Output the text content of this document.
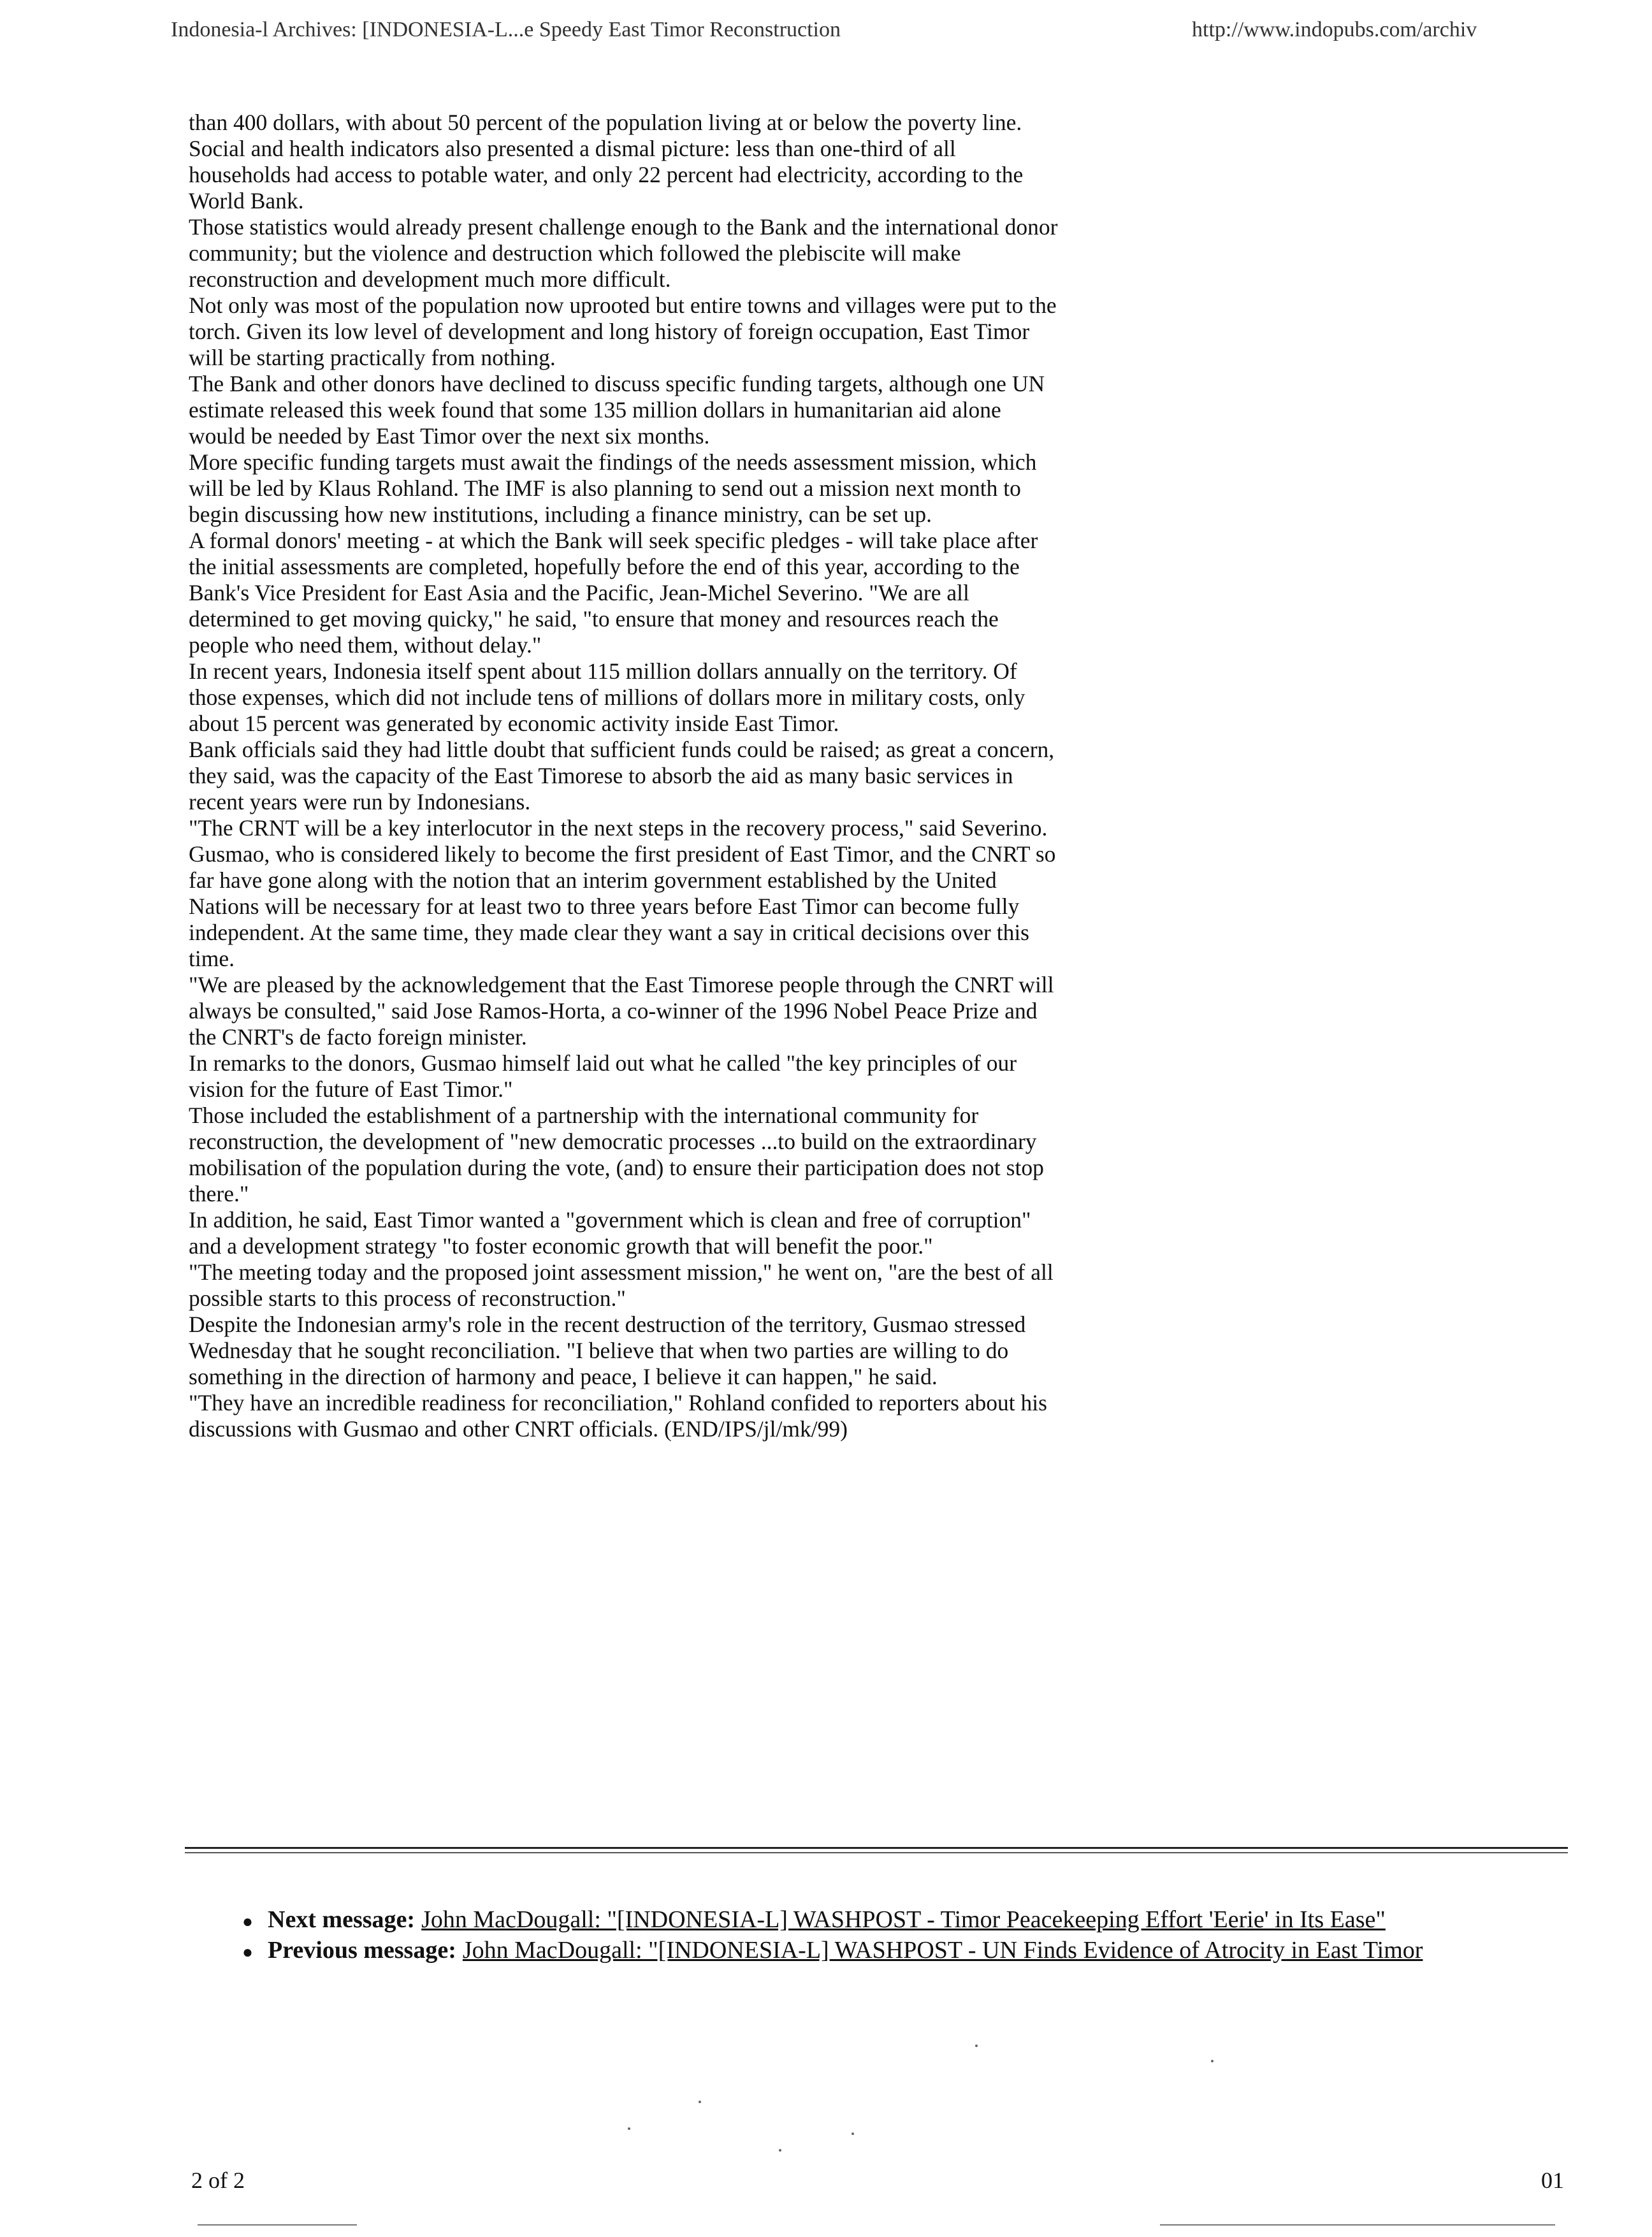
Indonesia-l Archives: [INDONESIA-L...e Speedy East Timor Reconstruction	http://www.indopubs.com/archiv

than 400 dollars, with about 50 percent of the population living at or below the poverty line.

Social and health indicators also presented a dismal picture: less than one-third of all households had access to potable water, and only 22 percent had electricity, according to the World Bank.

Those statistics would already present challenge enough to the Bank and the international donor community; but the violence and destruction which followed the plebiscite will make reconstruction and development much more difficult.

Not only was most of the population now uprooted but entire towns and villages were put to the torch. Given its low level of development and long history of foreign occupation, East Timor will be starting practically from nothing.

The Bank and other donors have declined to discuss specific funding targets, although one UN estimate released this week found that some 135 million dollars in humanitarian aid alone would be needed by East Timor over the next six months.

More specific funding targets must await the findings of the needs assessment mission, which will be led by Klaus Rohland. The IMF is also planning to send out a mission next month to begin discussing how new institutions, including a finance ministry, can be set up.

A formal donors' meeting - at which the Bank will seek specific pledges - will take place after the initial assessments are completed, hopefully before the end of this year, according to the Bank's Vice President for East Asia and the Pacific, Jean-Michel Severino. "We are all determined to get moving quicky," he said, "to ensure that money and resources reach the people who need them, without delay."

In recent years, Indonesia itself spent about 115 million dollars annually on the territory. Of those expenses, which did not include tens of millions of dollars more in military costs, only about 15 percent was generated by economic activity inside East Timor.

Bank officials said they had little doubt that sufficient funds could be raised; as great a concern, they said, was the capacity of the East Timorese to absorb the aid as many basic services in recent years were run by Indonesians.

"The CRNT will be a key interlocutor in the next steps in the recovery process," said Severino.

Gusmao, who is considered likely to become the first president of East Timor, and the CNRT so far have gone along with the notion that an interim government established by the United Nations will be necessary for at least two to three years before East Timor can become fully independent. At the same time, they made clear they want a say in critical decisions over this time.

"We are pleased by the acknowledgement that the East Timorese people through the CNRT will always be consulted," said Jose Ramos-Horta, a co-winner of the 1996 Nobel Peace Prize and the CNRT's de facto foreign minister.

In remarks to the donors, Gusmao himself laid out what he called "the key principles of our vision for the future of East Timor."

Those included the establishment of a partnership with the international community for reconstruction, the development of "new democratic processes ...to build on the extraordinary mobilisation of the population during the vote, (and) to ensure their participation does not stop there."

In addition, he said, East Timor wanted a "government which is clean and free of corruption" and a development strategy "to foster economic growth that will benefit the poor."

"The meeting today and the proposed joint assessment mission," he went on, "are the best of all possible starts to this process of reconstruction."

Despite the Indonesian army's role in the recent destruction of the territory, Gusmao stressed Wednesday that he sought reconciliation. "I believe that when two parties are willing to do something in the direction of harmony and peace, I believe it can happen," he said.

"They have an incredible readiness for reconciliation," Rohland confided to reporters about his discussions with Gusmao and other CNRT officials. (END/IPS/jl/mk/99)

● Next message: John MacDougall: "[INDONESIA-L] WASHPOST - Timor Peacekeeping Effort 'Eerie' in Its Ease"
● Previous message: John MacDougall: "[INDONESIA-L] WASHPOST - UN Finds Evidence of Atrocity in East Timor
2 of 2	01
